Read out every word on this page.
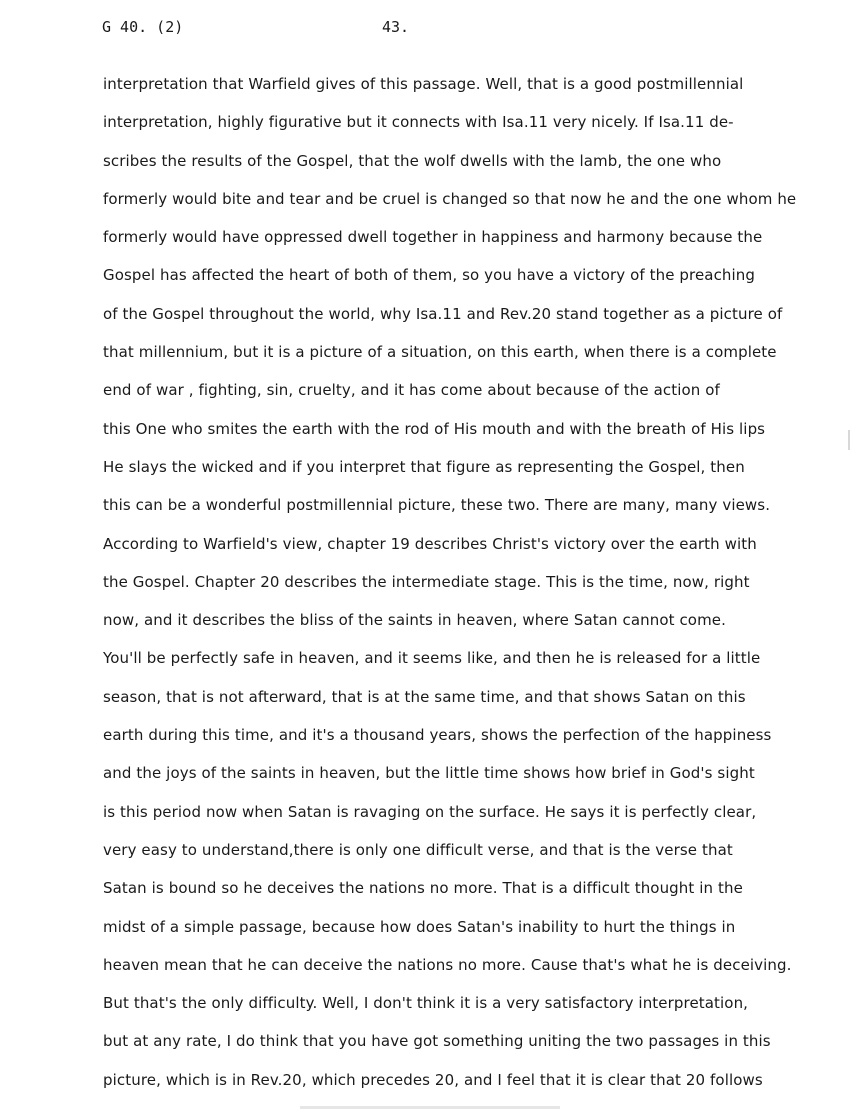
G 40. (2)	43.
interpretation that Warfield gives of this passage. Well, that is a good postmillennial
interpretation, highly figurative but it connects with Isa.11 very nicely. If Isa.11 de-
scribes the results of the Gospel, that the wolf dwells with the lamb, the one who
formerly would bite and tear and be cruel is changed so that now he and the one whom he
formerly would have oppressed dwell together in happiness and harmony because the
Gospel has affected the heart of both of them, so you have a victory of the preaching
of the Gospel throughout the world, why Isa.11 and Rev.20 stand together as a picture of
that millennium, but it is a picture of a situation, on this earth, when there is a complete
end of war , fighting, sin, cruelty, and it has come about because of the action of
this One who smites the earth with the rod of His mouth and with the breath of His lips
He slays the wicked and if you interpret that figure as representing the Gospel, then
this can be a wonderful postmillennial picture, these two. There are many, many views.
According to Warfield's view, chapter 19 describes Christ's victory over the earth with
the Gospel. Chapter 20 describes the intermediate stage. This is the time, now, right
now, and it describes the bliss of the saints in heaven, where Satan cannot come.
You'll be perfectly safe in heaven, and it seems like, and then he is released for a little
season, that is not afterward, that is at the same time, and that shows Satan on this
earth during this time, and it's a thousand years, shows the perfection of the happiness
and the joys of the saints in heaven, but the little time shows how brief in God's sight
is this period now when Satan is ravaging on the surface. He says it is perfectly clear,
very easy to understand,there is only one difficult verse, and that is the verse that
Satan is bound so he deceives the nations no more. That is a difficult thought in the
midst of a simple passage, because how does Satan's inability to hurt the things in
heaven mean that he can deceive the nations no more. Cause that's what he is deceiving.
But that's the only difficulty. Well, I don't think it is a very satisfactory interpretation,
but at any rate, I do think that you have got something uniting the two passages in this
picture, which is in Rev.20, which precedes 20, and I feel that it is clear that 20 follows
